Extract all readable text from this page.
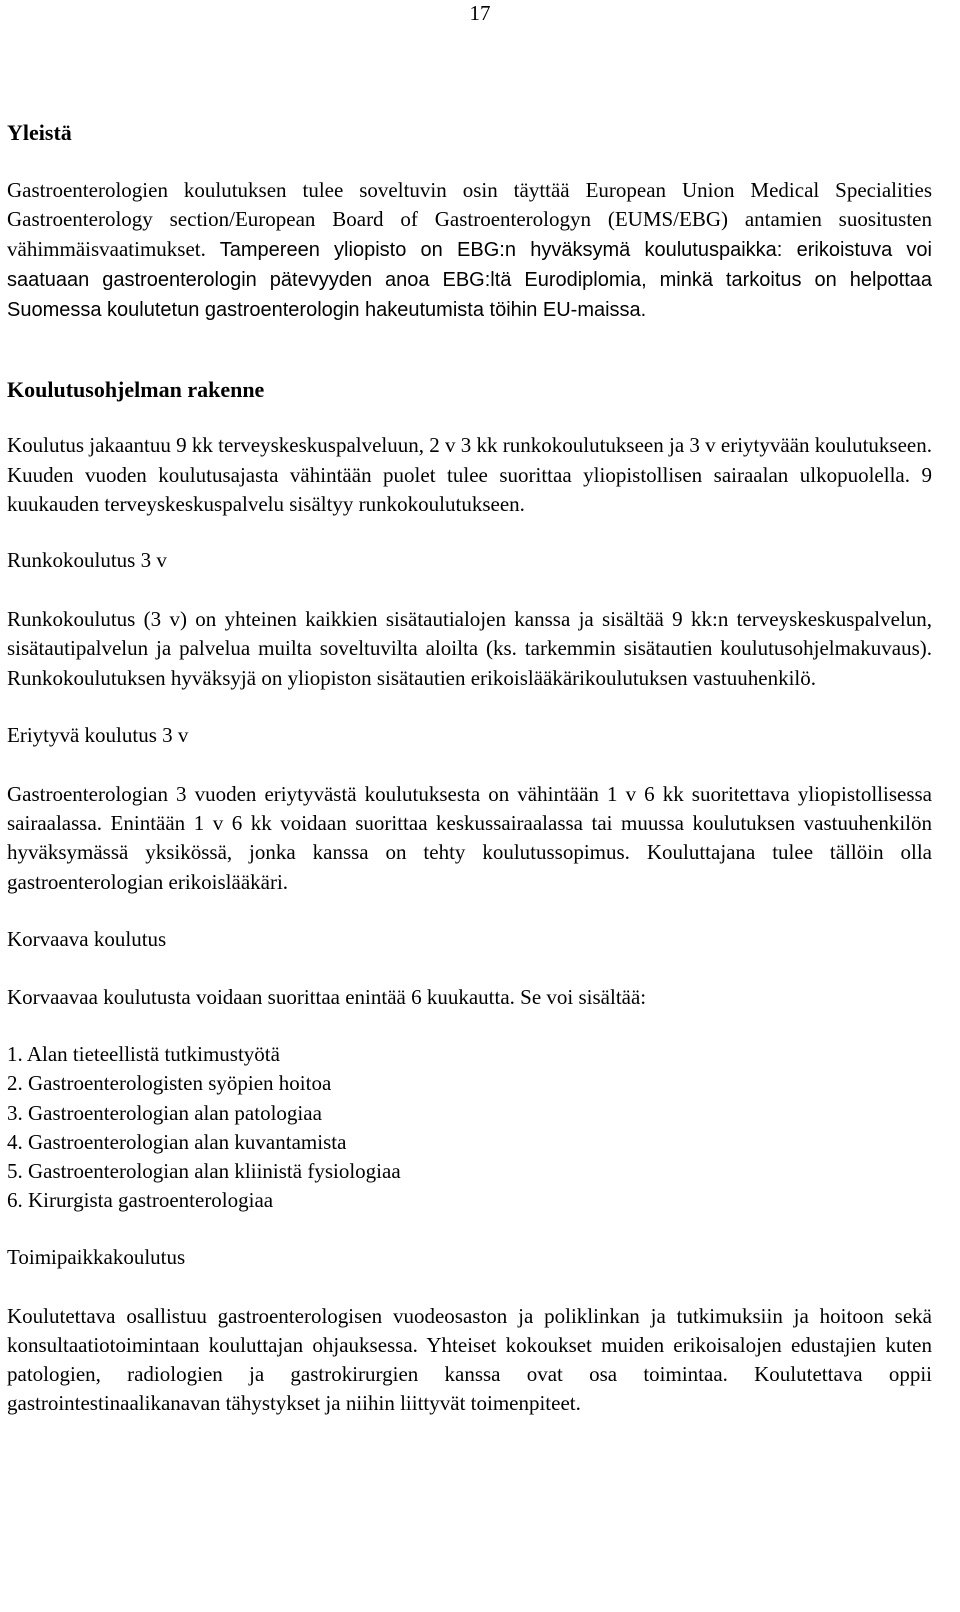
17

Yleistä

Gastroenterologien koulutuksen tulee soveltuvin osin täyttää European Union Medical Specialities Gastroenterology section/European Board of Gastroenterologyn (EUMS/EBG) antamien suositusten vähimmäisvaatimukset. Tampereen yliopisto on EBG:n hyväksymä koulutuspaikka: erikoistuva voi saatuaan gastroenterologin pätevyyden anoa EBG:ltä Eurodiplomia, minkä tarkoitus on helpottaa Suomessa koulutetun gastroenterologin hakeutumista töihin EU-maissa.

Koulutusohjelman rakenne

Koulutus jakaantuu 9 kk terveyskeskuspalveluun, 2 v 3 kk runkokoulutukseen ja 3 v eriytyvään koulutukseen. Kuuden vuoden koulutusajasta vähintään puolet tulee suorittaa yliopistollisen sairaalan ulkopuolella. 9 kuukauden terveyskeskuspalvelu sisältyy runkokoulutukseen.

Runkokoulutus 3 v

Runkokoulutus (3 v) on yhteinen kaikkien sisätautialojen kanssa ja sisältää 9 kk:n terveyskeskuspalvelun, sisätautipalvelun ja palvelua muilta soveltuvilta aloilta (ks. tarkemmin sisätautien koulutusohjelmakuvaus). Runkokoulutuksen hyväksyjä on yliopiston sisätautien erikoislääkärikoulutuksen vastuuhenkilö.

Eriytyvä koulutus 3 v

Gastroenterologian 3 vuoden eriytyvästä koulutuksesta on vähintään 1 v 6 kk suoritettava yliopistollisessa sairaalassa. Enintään 1 v 6 kk voidaan suorittaa keskussairaalassa tai muussa koulutuksen vastuuhenkilön hyväksymässä yksikössä, jonka kanssa on tehty koulutussopimus. Kouluttajana tulee tällöin olla gastroenterologian erikoislääkäri.

Korvaava koulutus

Korvaavaa koulutusta voidaan suorittaa enintää 6 kuukautta. Se voi sisältää:

1. Alan tieteellistä tutkimustyötä
2. Gastroenterologisten syöpien hoitoa
3. Gastroenterologian alan patologiaa
4. Gastroenterologian alan kuvantamista
5. Gastroenterologian alan kliinistä fysiologiaa
6. Kirurgista gastroenterologiaa

Toimipaikkakoulutus

Koulutettava osallistuu gastroenterologisen vuodeosaston ja poliklinkan ja tutkimuksiin ja hoitoon sekä konsultaatiotoimintaan kouluttajan ohjauksessa. Yhteiset kokoukset muiden erikoisalojen edustajien kuten patologien, radiologien ja gastrokirurgien kanssa ovat osa toimintaa. Koulutettava oppii gastrointestinaalikanavan tähystykset ja niihin liittyvät toimenpiteet.
